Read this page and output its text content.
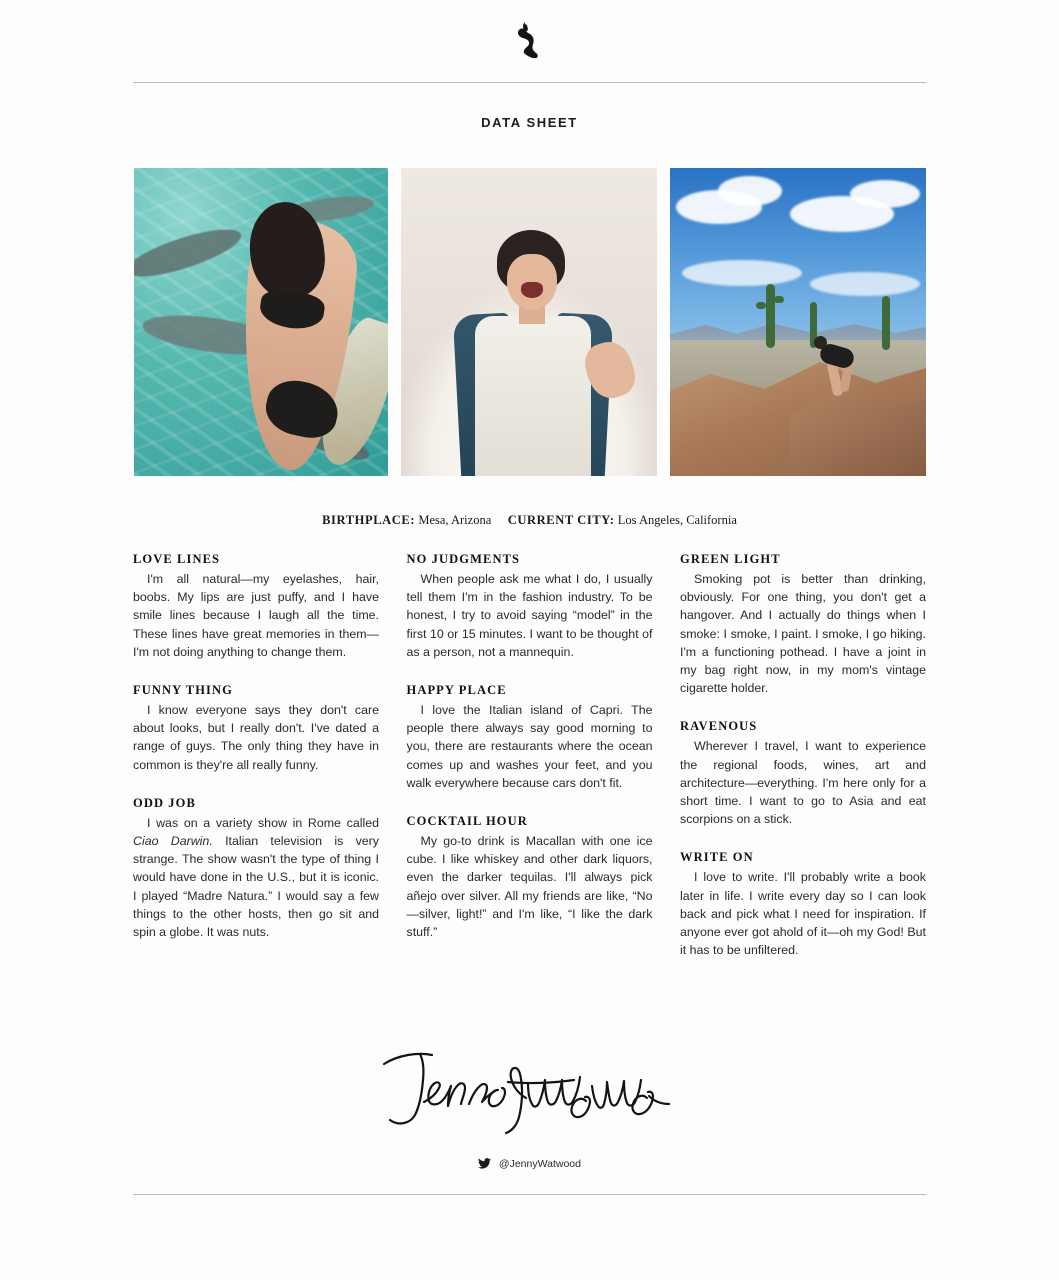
DATA SHEET
BIRTHPLACE: Mesa, Arizona CURRENT CITY: Los Angeles, California
LOVE LINES

I'm all natural—my eyelashes, hair, boobs. My lips are just puffy, and I have smile lines because I laugh all the time. These lines have great memories in them—I'm not doing anything to change them.

FUNNY THING

I know everyone says they don't care about looks, but I really don't. I've dated a range of guys. The only thing they have in common is they're all really funny.

ODD JOB

I was on a variety show in Rome called Ciao Darwin. Italian television is very strange. The show wasn't the type of thing I would have done in the U.S., but it is iconic. I played “Madre Natura.” I would say a few things to the other hosts, then go sit and spin a globe. It was nuts.

NO JUDGMENTS

When people ask me what I do, I usually tell them I'm in the fashion industry. To be honest, I try to avoid saying “model” in the first 10 or 15 minutes. I want to be thought of as a person, not a mannequin.

HAPPY PLACE

I love the Italian island of Capri. The people there always say good morning to you, there are restaurants where the ocean comes up and washes your feet, and you walk everywhere because cars don't fit.

COCKTAIL HOUR

My go-to drink is Macallan with one ice cube. I like whiskey and other dark liquors, even the darker tequilas. I'll always pick añejo over silver. All my friends are like, “No—silver, light!” and I'm like, “I like the dark stuff.”

GREEN LIGHT

Smoking pot is better than drinking, obviously. For one thing, you don't get a hangover. And I actually do things when I smoke: I smoke, I paint. I smoke, I go hiking. I'm a functioning pothead. I have a joint in my bag right now, in my mom's vintage cigarette holder.

RAVENOUS

Wherever I travel, I want to experience the regional foods, wines, art and architecture—everything. I'm here only for a short time. I want to go to Asia and eat scorpions on a stick.

WRITE ON

I love to write. I'll probably write a book later in life. I write every day so I can look back and pick what I need for inspiration. If anyone ever got ahold of it—oh my God! But it has to be unfiltered.

@JennyWatwood
